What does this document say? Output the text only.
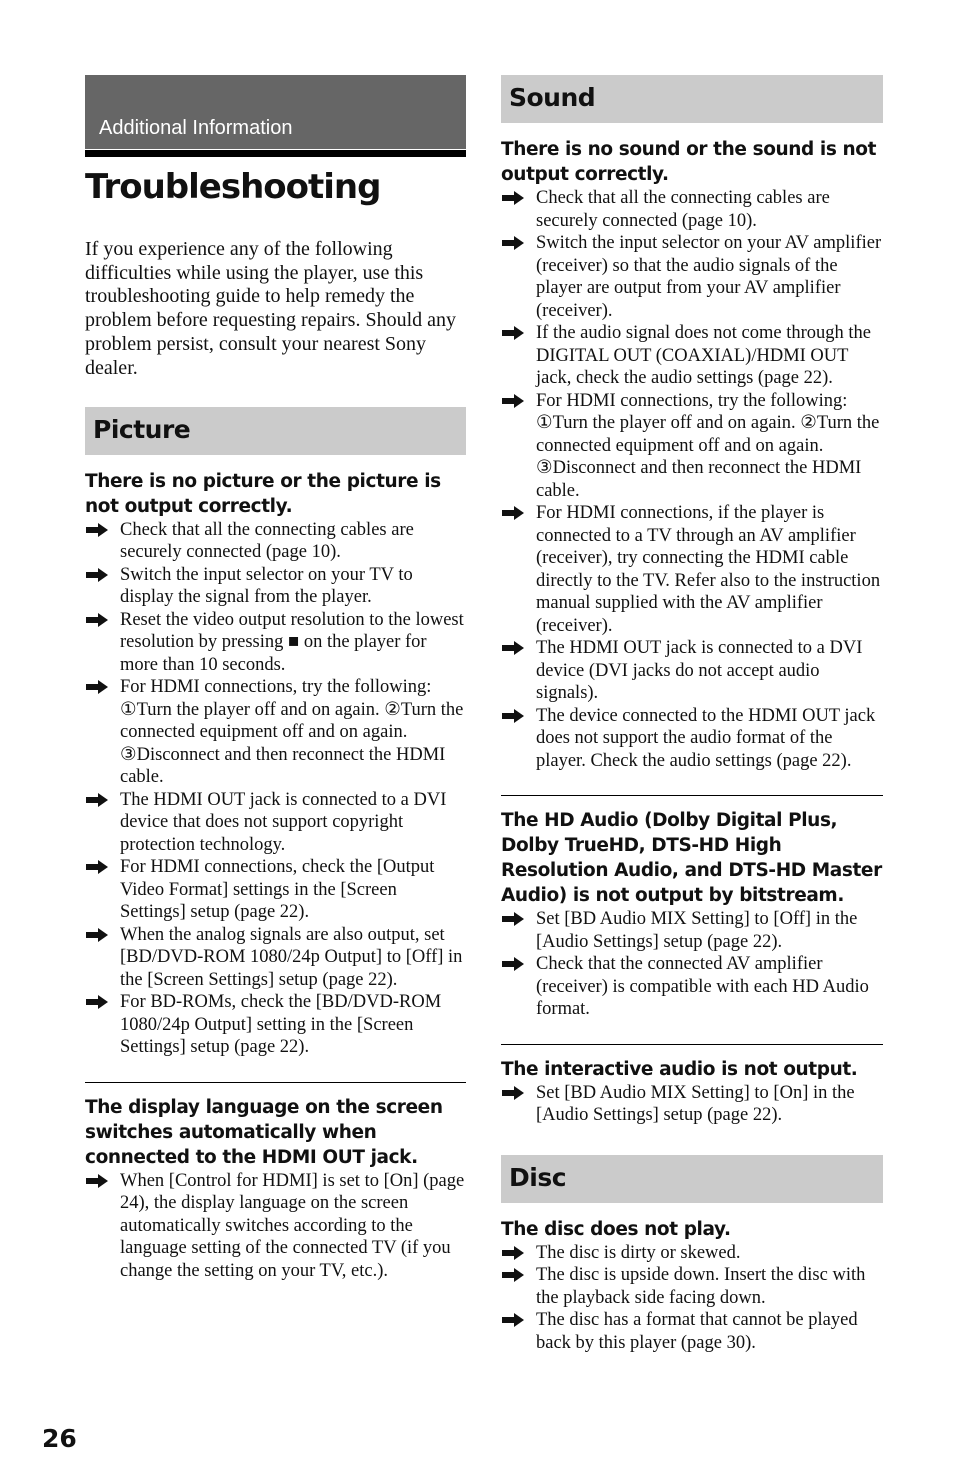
Additional Information
Troubleshooting

If you experience any of the following difficulties while using the player, use this troubleshooting guide to help remedy the problem before requesting repairs. Should any problem persist, consult your nearest Sony dealer.

Picture

There is no picture or the picture is not output correctly.

Check that all the connecting cables are securely connected (page 10).
Switch the input selector on your TV to display the signal from the player.
Reset the video output resolution to the lowest resolution by pressing ■ on the player for more than 10 seconds.
For HDMI connections, try the following: ①Turn the player off and on again. ②Turn the connected equipment off and on again. ③Disconnect and then reconnect the HDMI cable.
The HDMI OUT jack is connected to a DVI device that does not support copyright protection technology.
For HDMI connections, check the [Output Video Format] settings in the [Screen Settings] setup (page 22).
When the analog signals are also output, set [BD/DVD-ROM 1080/24p Output] to [Off] in the [Screen Settings] setup (page 22).
For BD-ROMs, check the [BD/DVD-ROM 1080/24p Output] setting in the [Screen Settings] setup (page 22).

The display language on the screen switches automatically when connected to the HDMI OUT jack.

When [Control for HDMI] is set to [On] (page 24), the display language on the screen automatically switches according to the language setting of the connected TV (if you change the setting on your TV, etc.).
Sound

There is no sound or the sound is not output correctly.

Check that all the connecting cables are securely connected (page 10).
Switch the input selector on your AV amplifier (receiver) so that the audio signals of the player are output from your AV amplifier (receiver).
If the audio signal does not come through the DIGITAL OUT (COAXIAL)/HDMI OUT jack, check the audio settings (page 22).
For HDMI connections, try the following: ①Turn the player off and on again. ②Turn the connected equipment off and on again. ③Disconnect and then reconnect the HDMI cable.
For HDMI connections, if the player is connected to a TV through an AV amplifier (receiver), try connecting the HDMI cable directly to the TV. Refer also to the instruction manual supplied with the AV amplifier (receiver).
The HDMI OUT jack is connected to a DVI device (DVI jacks do not accept audio signals).
The device connected to the HDMI OUT jack does not support the audio format of the player. Check the audio settings (page 22).

The HD Audio (Dolby Digital Plus, Dolby TrueHD, DTS-HD High Resolution Audio, and DTS-HD Master Audio) is not output by bitstream.

Set [BD Audio MIX Setting] to [Off] in the [Audio Settings] setup (page 22).
Check that the connected AV amplifier (receiver) is compatible with each HD Audio format.

The interactive audio is not output.

Set [BD Audio MIX Setting] to [On] in the [Audio Settings] setup (page 22).
Disc

The disc does not play.

The disc is dirty or skewed.
The disc is upside down. Insert the disc with the playback side facing down.
The disc has a format that cannot be played back by this player (page 30).
26
